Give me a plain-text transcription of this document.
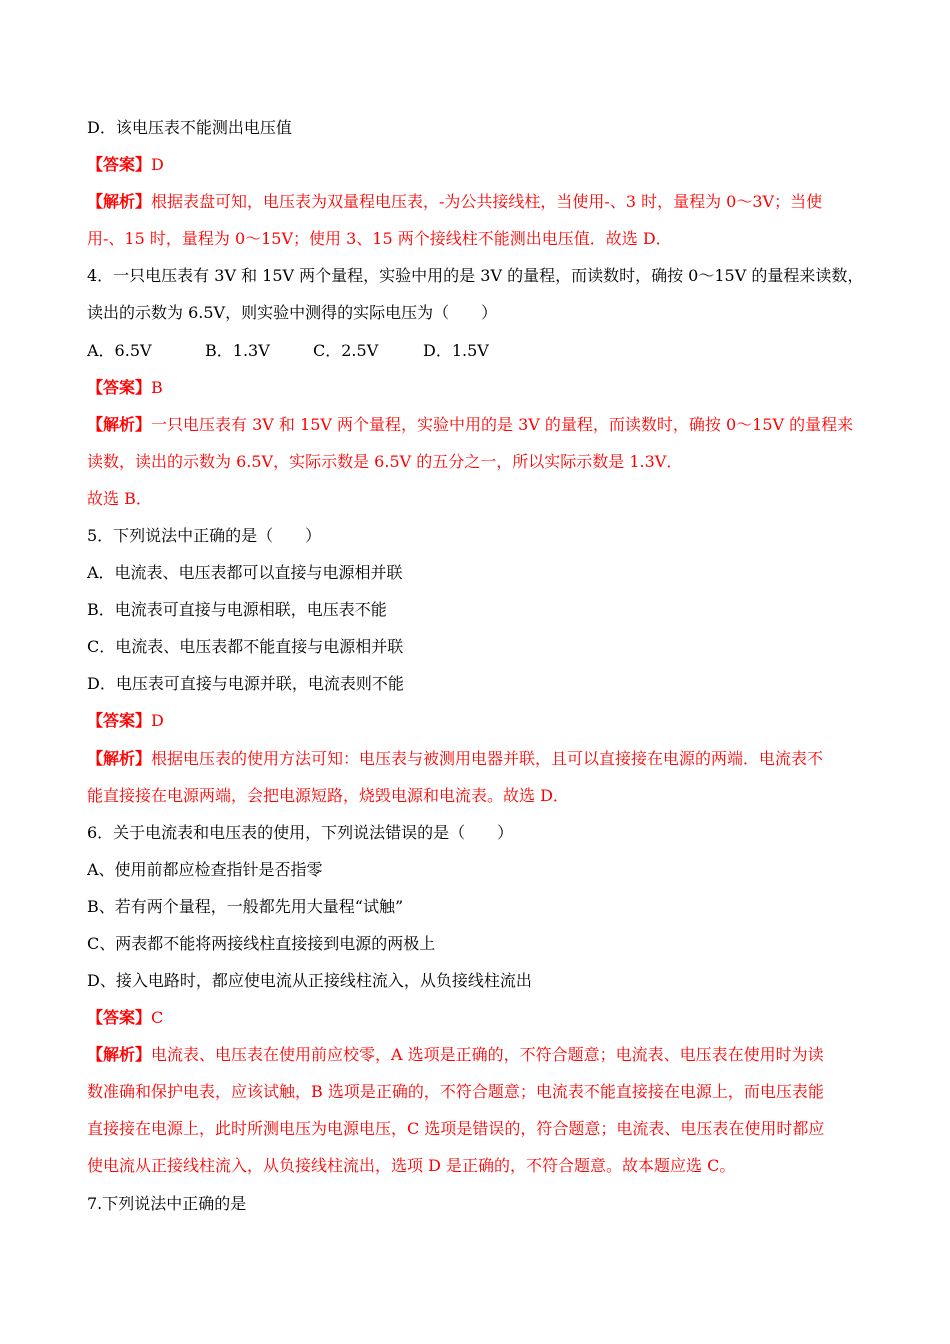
D．该电压表不能测出电压值
【答案】D
【解析】根据表盘可知，电压表为双量程电压表，-为公共接线柱，当使用-、3 时，量程为 0～3V；当使
用-、15 时，量程为 0～15V；使用 3、15 两个接线柱不能测出电压值．故选 D．
4．一只电压表有 3V 和 15V 两个量程，实验中用的是 3V 的量程，而读数时，确按 0～15V 的量程来读数，
读出的示数为 6.5V，则实验中测得的实际电压为（　　）
A．6.5V	B．1.3V	C．2.5V	D．1.5V
【答案】B
【解析】一只电压表有 3V 和 15V 两个量程，实验中用的是 3V 的量程，而读数时，确按 0～15V 的量程来
读数，读出的示数为 6.5V，实际示数是 6.5V 的五分之一，所以实际示数是 1.3V．
故选 B．
5．下列说法中正确的是（　　）
A．电流表、电压表都可以直接与电源相并联
B．电流表可直接与电源相联，电压表不能
C．电流表、电压表都不能直接与电源相并联
D．电压表可直接与电源并联，电流表则不能
【答案】D
【解析】根据电压表的使用方法可知：电压表与被测用电器并联，且可以直接接在电源的两端．电流表不
能直接接在电源两端，会把电源短路，烧毁电源和电流表。故选 D．
6．关于电流表和电压表的使用，下列说法错误的是（　　）
A、使用前都应检查指针是否指零
B、若有两个量程，一般都先用大量程“试触”
C、两表都不能将两接线柱直接接到电源的两极上
D、接入电路时，都应使电流从正接线柱流入，从负接线柱流出
【答案】C
【解析】电流表、电压表在使用前应校零，A 选项是正确的，不符合题意；电流表、电压表在使用时为读
数准确和保护电表，应该试触，B 选项是正确的，不符合题意；电流表不能直接接在电源上，而电压表能
直接接在电源上，此时所测电压为电源电压，C 选项是错误的，符合题意；电流表、电压表在使用时都应
使电流从正接线柱流入，从负接线柱流出，选项 D 是正确的，不符合题意。故本题应选 C。
7.下列说法中正确的是
